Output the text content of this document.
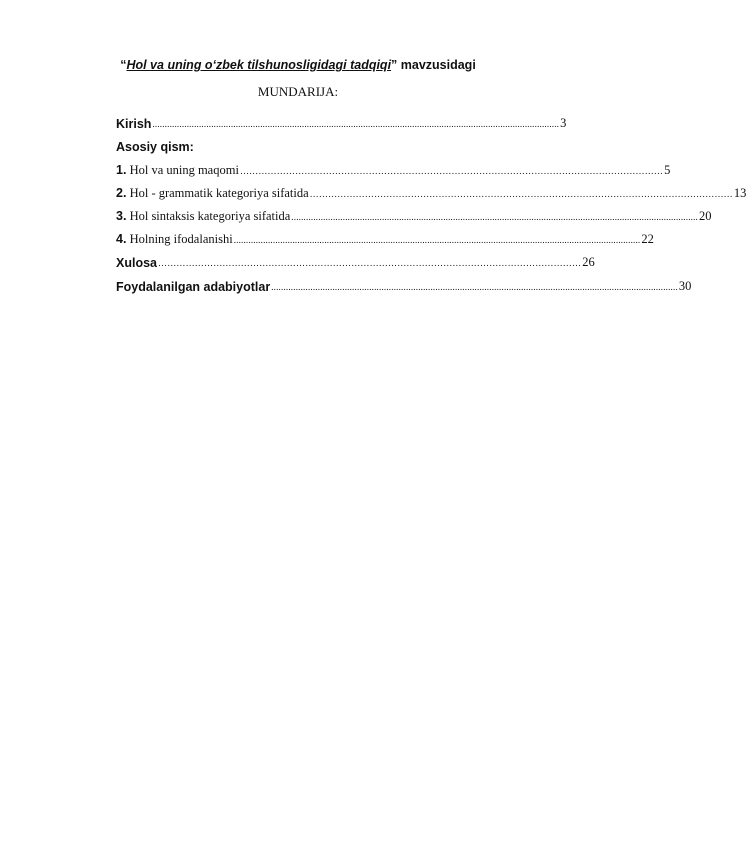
“Hol va uning o‘zbek tilshunosligidagi tadqiqi” mavzusidagi
MUNDARIJA:
Kirish ...................................................................................................................................................................... 3
Asosiy qism:
1. Hol va uning maqomi ………………………………………………………………………………………………………………………… 5
2. Hol - grammatik kategoriya sifatida ………………………………………………………………………………………………………………………… 13
3. Hol sintaksis kategoriya sifatida ...................................................................................................................................................................... 20
4. Holning ifodalanishi ...................................................................................................................................................................... 22
Xulosa ………………………………………………………………………………………………………………………… 26
Foydalanilgan adabiyotlar ...................................................................................................................................................................... 30
